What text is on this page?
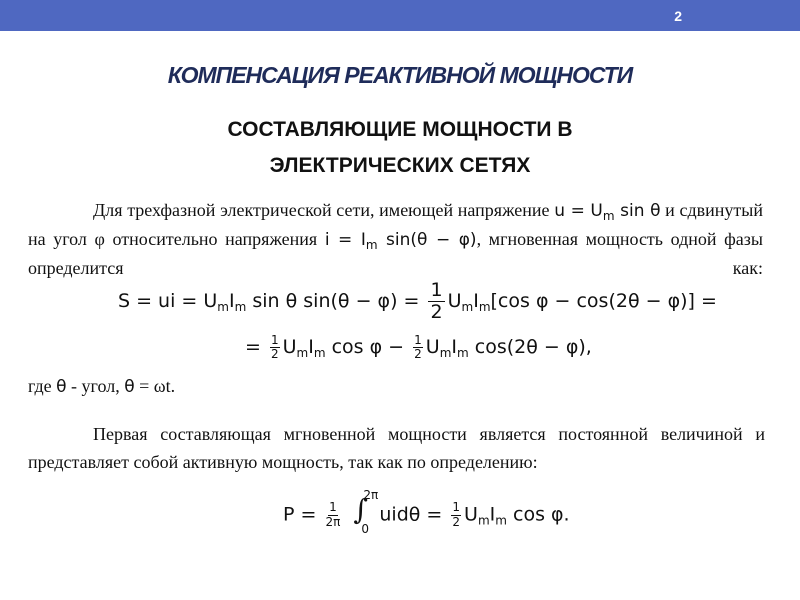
2
КОМПЕНСАЦИЯ РЕАКТИВНОЙ МОЩНОСТИ
СОСТАВЛЯЮЩИЕ МОЩНОСТИ В
ЭЛЕКТРИЧЕСКИХ СЕТЯХ
Для трехфазной электрической сети, имеющей напряжение $u = U_m$ sin θ и сдвинутый на угол φ относительно напряжения $i = I_m$ sin(θ − φ), мгновенная мощность одной фазы определится как:
S = ui = $U_mI_m$ sin θ $\sin(\theta - \varphi) = \frac{1}{2} U_mI_m[\cos$ φ − cos(2θ − φ)] =
= $\frac{1}{2} U_mI_m$ $\cos \varphi - \frac{1}{2} U_mI_m$ cos(2θ − φ),
где θ - угол, θ = ωt.
Первая составляющая мгновенной мощности является постоянной величиной и представляет собой активную мощность, так как по определению:
$P = \frac{1}{2\pi}$
∫
2π
0
$uid\theta = \frac{1}{2} U_mI_m$ cos φ.
